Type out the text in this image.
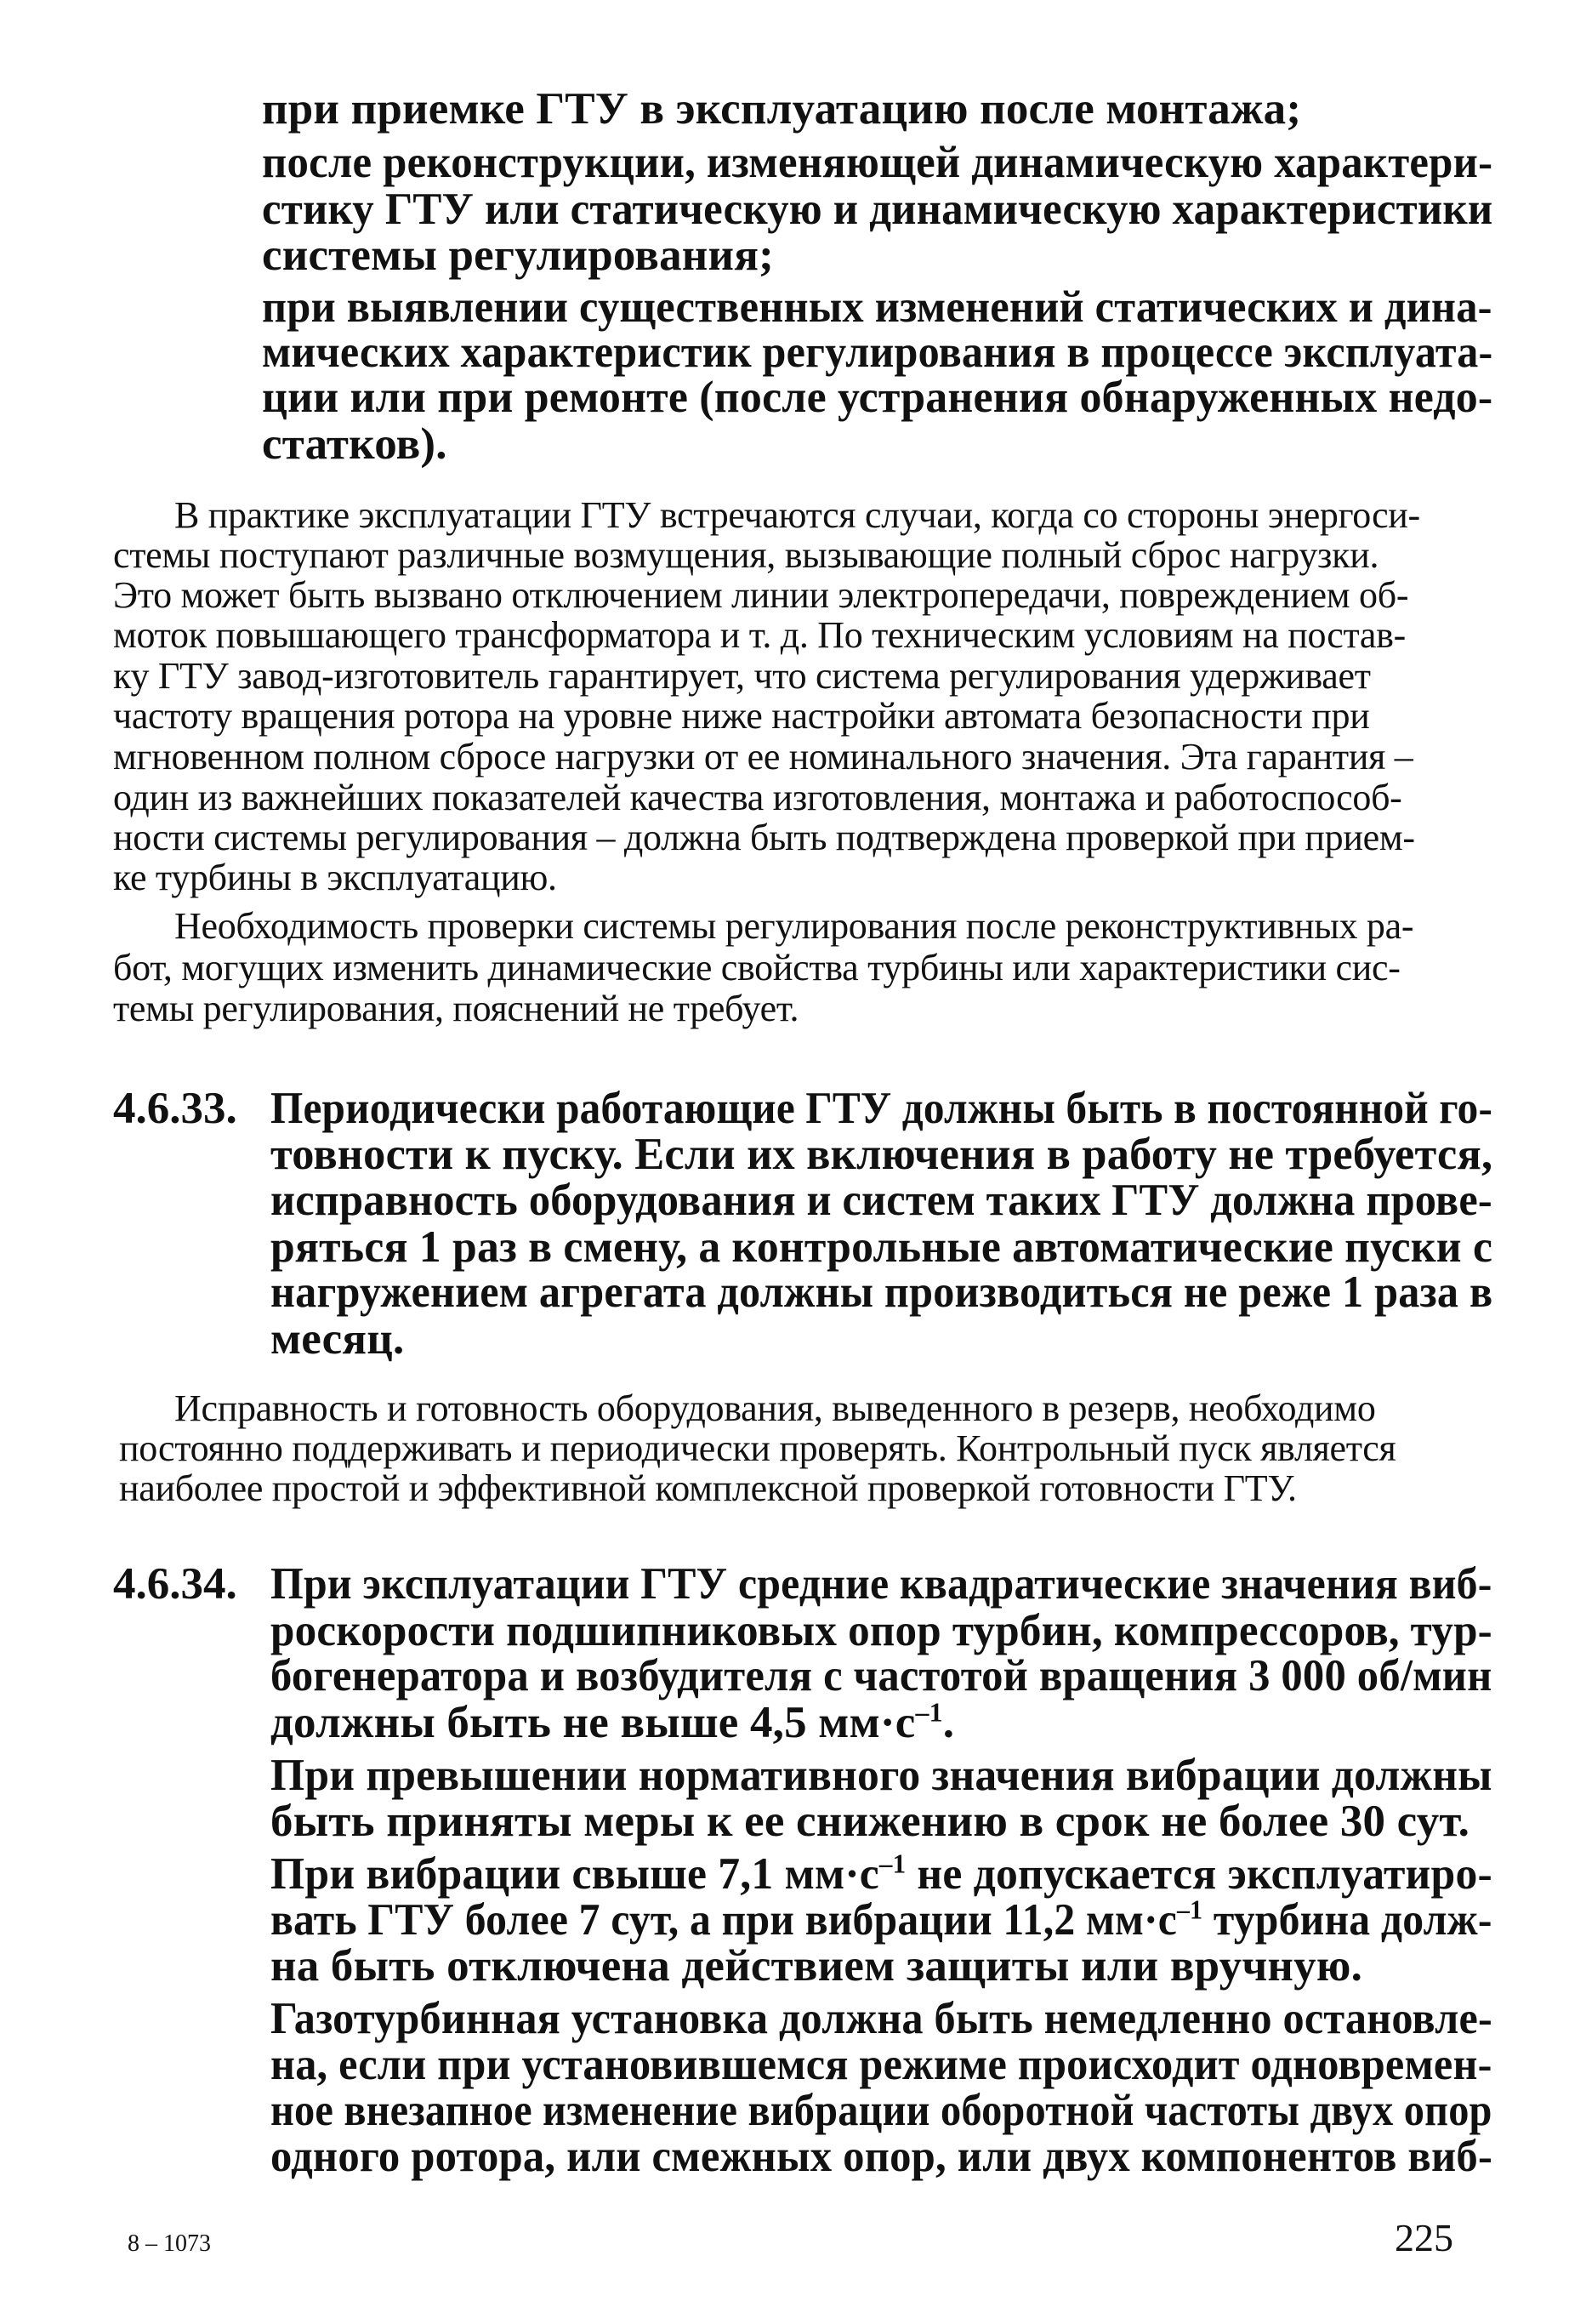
при приемке ГТУ в эксплуатацию после монтажа;
после реконструкции, изменяющей динамическую характери-
стику ГТУ или статическую и динамическую характеристики
системы регулирования;
при выявлении существенных изменений статических и дина-
мических характеристик регулирования в процессе эксплуата-
ции или при ремонте (после устранения обнаруженных недо-
статков).
В практике эксплуатации ГТУ встречаются случаи, когда со стороны энергоси-
стемы поступают различные возмущения, вызывающие полный сброс нагрузки.
Это может быть вызвано отключением линии электропередачи, повреждением об-
моток повышающего трансформатора и т. д. По техническим условиям на постав-
ку ГТУ завод-изготовитель гарантирует, что система регулирования удерживает
частоту вращения ротора на уровне ниже настройки автомата безопасности при
мгновенном полном сбросе нагрузки от ее номинального значения. Эта гарантия –
один из важнейших показателей качества изготовления, монтажа и работоспособ-
ности системы регулирования – должна быть подтверждена проверкой при прием-
ке турбины в эксплуатацию.
Необходимость проверки системы регулирования после реконструктивных ра-
бот, могущих изменить динамические свойства турбины или характеристики сис-
темы регулирования, пояснений не требует.
4.6.33. Периодически работающие ГТУ должны быть в постоянной го-
товности к пуску. Если их включения в работу не требуется,
исправность оборудования и систем таких ГТУ должна прове-
ряться 1 раз в смену, а контрольные автоматические пуски с
нагружением агрегата должны производиться не реже 1 раза в
месяц.
Исправность и готовность оборудования, выведенного в резерв, необходимо
постоянно поддерживать и периодически проверять. Контрольный пуск является
наиболее простой и эффективной комплексной проверкой готовности ГТУ.
4.6.34. При эксплуатации ГТУ средние квадратические значения виб-
роскорости подшипниковых опор турбин, компрессоров, тур-
богенератора и возбудителя с частотой вращения 3 000 об/мин
должны быть не выше 4,5 $мм\cdot с^{-1}$.
При превышении нормативного значения вибрации должны
быть приняты меры к ее снижению в срок не более 30 сут.
При вибрации свыше 7,1 $мм\cdot с^{-1}$ не допускается эксплуатиро-
вать ГТУ более 7 сут, а при вибрации 11,2 $мм\cdot с^{-1}$ турбина долж-
на быть отключена действием защиты или вручную.
Газотурбинная установка должна быть немедленно остановле-
на, если при установившемся режиме происходит одновремен-
ное внезапное изменение вибрации оборотной частоты двух опор
одного ротора, или смежных опор, или двух компонентов виб-
8 – 1073	225
